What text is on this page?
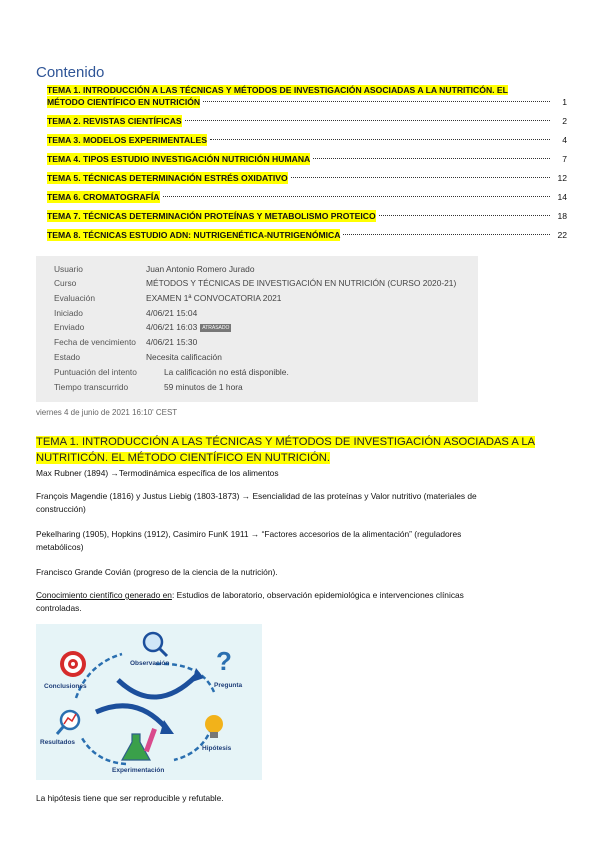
Contenido
TEMA 1. INTRODUCCIÓN A LAS TÉCNICAS Y MÉTODOS DE INVESTIGACIÓN ASOCIADAS A LA NUTRITICÓN. EL
MÉTODO CIENTÍFICO EN NUTRICIÓN	1
TEMA 2. REVISTAS CIENTÍFICAS	2
TEMA 3. MODELOS EXPERIMENTALES	4
TEMA 4. TIPOS ESTUDIO INVESTIGACIÓN NUTRICIÓN HUMANA	7
TEMA 5. TÉCNICAS DETERMINACIÓN ESTRÉS OXIDATIVO	12
TEMA 6. CROMATOGRAFÍA	14
TEMA 7. TÉCNICAS DETERMINACIÓN PROTEÍNAS Y METABOLISMO PROTEICO	18
TEMA 8. TÉCNICAS ESTUDIO ADN: NUTRIGENÉTICA-NUTRIGENÓMICA	22
Usuario	Juan Antonio Romero Jurado
Curso	MÉTODOS Y TÉCNICAS DE INVESTIGACIÓN EN NUTRICIÓN (CURSO 2020-21)
Evaluación	EXAMEN 1ª CONVOCATORIA 2021
Iniciado	4/06/21 15:04
Enviado	4/06/21 16:03 ATRASADO
Fecha de vencimiento	4/06/21 15:30
Estado	Necesita calificación
Puntuación del intento	La calificación no está disponible.
Tiempo transcurrido	59 minutos de 1 hora
viernes 4 de junio de 2021 16:10' CEST
TEMA 1. INTRODUCCIÓN A LAS TÉCNICAS Y MÉTODOS DE INVESTIGACIÓN ASOCIADAS A LA
NUTRITICÓN. EL MÉTODO CIENTÍFICO EN NUTRICIÓN.
Max Rubner (1894) →Termodinámica específica de los alimentos
François Magendie (1816) y Justus Liebig (1803-1873) → Esencialidad de las proteínas y Valor nutritivo (materiales de
construcción)
Pekelharing (1905), Hopkins (1912), Casimiro FunK 1911 → “Factores accesorios de la alimentación” (reguladores
metabólicos)
Francisco Grande Covián (progreso de la ciencia de la nutrición).
Conocimiento científico generado en: Estudios de laboratorio, observación epidemiológica e intervenciones clínicas
controladas.
Observación ?
Pregunta
Hipótesis
Experimentación
Resultados
Conclusiones
La hipótesis tiene que ser reproducible y refutable.
